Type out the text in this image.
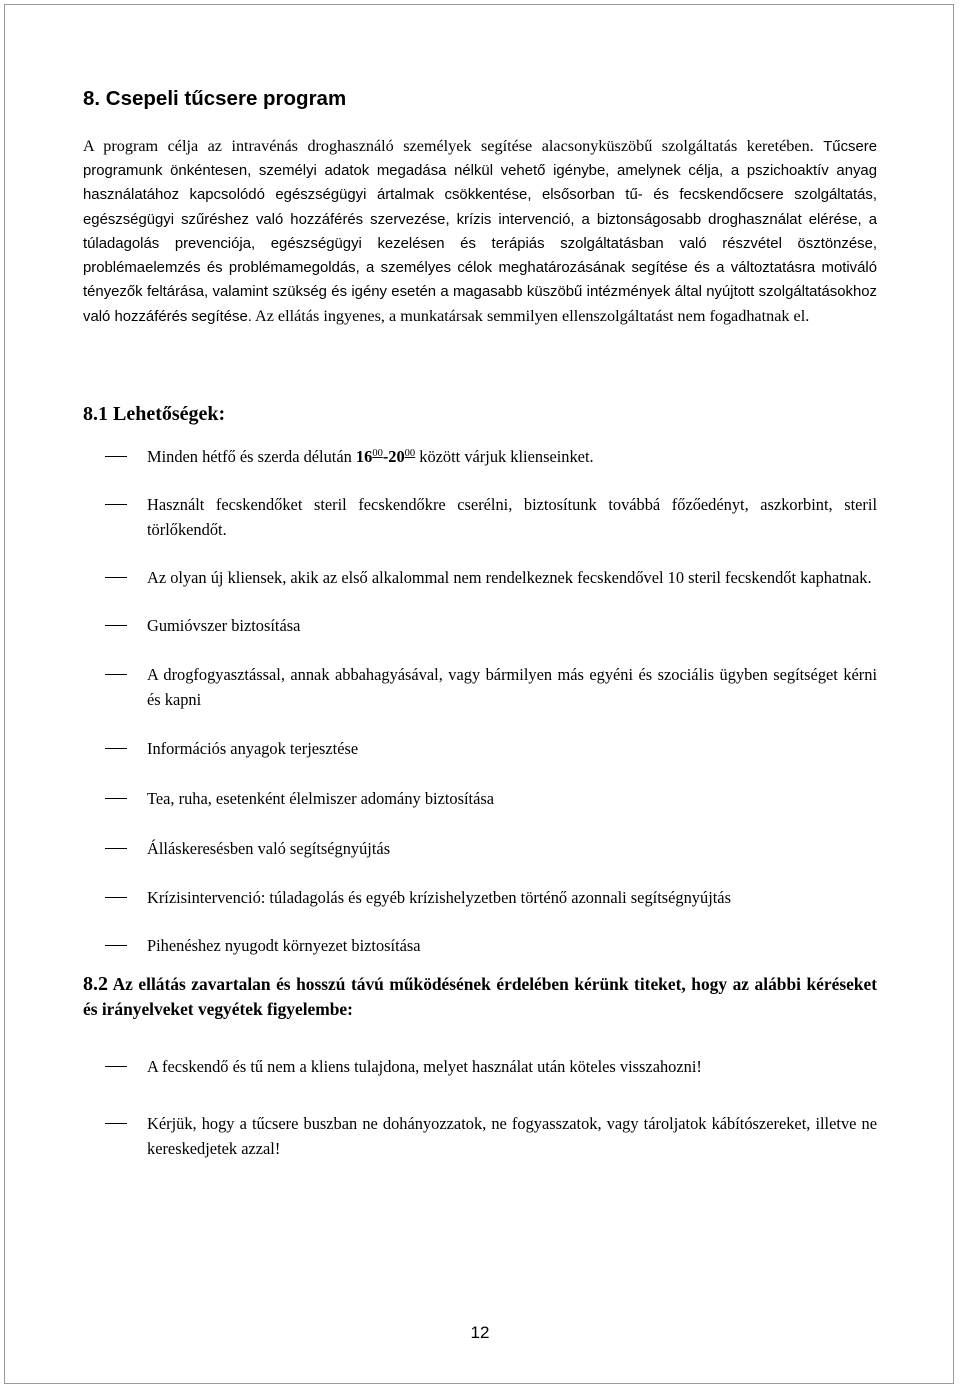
8. Csepeli tűcsere program

A program célja az intravénás droghasználó személyek segítése alacsonyküszöbű szolgáltatás keretében. Tűcsere programunk önkéntesen, személyi adatok megadása nélkül vehető igénybe, amelynek célja, a pszichoaktív anyag használatához kapcsolódó egészségügyi ártalmak csökkentése, elsősorban tű- és fecskendőcsere szolgáltatás, egészségügyi szűréshez való hozzáférés szervezése, krízis intervenció, a biztonságosabb droghasználat elérése, a túladagolás prevenciója, egészségügyi kezelésen és terápiás szolgáltatásban való részvétel ösztönzése, problémaelemzés és problémamegoldás, a személyes célok meghatározásának segítése és a változtatásra motiváló tényezők feltárása, valamint szükség és igény esetén a magasabb küszöbű intézmények által nyújtott szolgáltatásokhoz való hozzáférés segítése. Az ellátás ingyenes, a munkatársak semmilyen ellenszolgáltatást nem fogadhatnak el.

8.1 Lehetőségek:
Minden hétfő és szerda délután $16^{00}-20^{00}$ között várjuk klienseinket.
Használt fecskendőket steril fecskendőkre cserélni, biztosítunk továbbá főzőedényt, aszkorbint, steril törlőkendőt.
Az olyan új kliensek, akik az első alkalommal nem rendelkeznek fecskendővel 10 steril fecskendőt kaphatnak.
Gumióvszer biztosítása
A drogfogyasztással, annak abbahagyásával, vagy bármilyen más egyéni és szociális ügyben segítséget kérni és kapni
Információs anyagok terjesztése
Tea, ruha, esetenként élelmiszer adomány biztosítása
Álláskeresésben való segítségnyújtás
Krízisintervenció: túladagolás és egyéb krízishelyzetben történő azonnali segítségnyújtás
Pihenéshez nyugodt környezet biztosítása

8.2 Az ellátás zavartalan és hosszú távú működésének érdelében kérünk titeket, hogy az alábbi kéréseket és irányelveket vegyétek figyelembe:

A fecskendő és tű nem a kliens tulajdona, melyet használat után köteles visszahozni!
Kérjük, hogy a tűcsere buszban ne dohányozzatok, ne fogyasszatok, vagy tároljatok kábítószereket, illetve ne kereskedjetek azzal!
12
